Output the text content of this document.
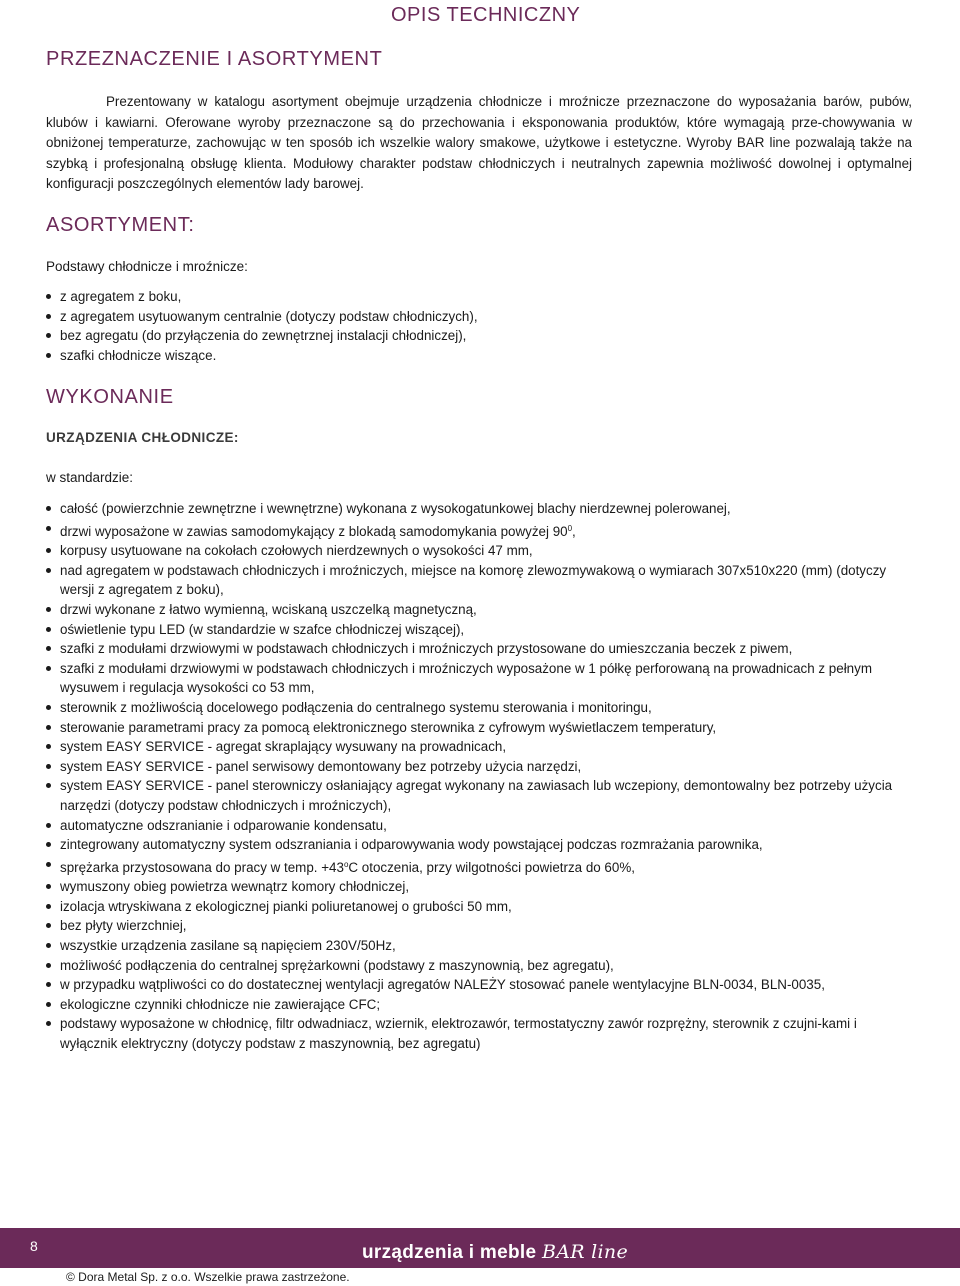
OPIS TECHNICZNY
PRZEZNACZENIE I ASORTYMENT

Prezentowany w katalogu asortyment obejmuje urządzenia chłodnicze i mroźnicze przeznaczone do wyposażania barów, pubów, klubów i kawiarni. Oferowane wyroby przeznaczone są do przechowania i eksponowania produktów, które wymagają prze-chowywania w obniżonej temperaturze, zachowując w ten sposób ich wszelkie walory smakowe, użytkowe i estetyczne. Wyroby BAR line pozwalają także na szybką i profesjonalną obsługę klienta. Modułowy charakter podstaw chłodniczych i neutralnych zapewnia możliwość dowolnej i optymalnej konfiguracji poszczególnych elementów lady barowej.

ASORTYMENT:

Podstawy chłodnicze i mroźnicze:

z agregatem z boku,
z agregatem usytuowanym centralnie (dotyczy podstaw chłodniczych),
bez agregatu (do przyłączenia do zewnętrznej instalacji chłodniczej),
szafki chłodnicze wiszące.
WYKONANIE

URZĄDZENIA CHŁODNICZE:

w standardzie:

całość (powierzchnie zewnętrzne i wewnętrzne) wykonana z wysokogatunkowej blachy nierdzewnej polerowanej,
drzwi wyposażone w zawias samodomykający z blokadą samodomykania powyżej $90^0$,
korpusy usytuowane na cokołach czołowych nierdzewnych o wysokości 47 mm,
nad agregatem w podstawach chłodniczych i mroźniczych, miejsce na komorę zlewozmywakową o wymiarach 307x510x220 (mm) (dotyczy wersji z agregatem z boku),
drzwi wykonane z łatwo wymienną, wciskaną uszczelką magnetyczną,
oświetlenie typu LED (w standardzie w szafce chłodniczej wiszącej),
szafki z modułami drzwiowymi w podstawach chłodniczych i mroźniczych przystosowane do umieszczania beczek z piwem,
szafki z modułami drzwiowymi w podstawach chłodniczych i mroźniczych wyposażone w 1 półkę perforowaną na prowadnicach z pełnym wysuwem i regulacja wysokości co 53 mm,
sterownik z możliwością docelowego podłączenia do centralnego systemu sterowania i monitoringu,
sterowanie parametrami pracy za pomocą elektronicznego sterownika z cyfrowym wyświetlaczem temperatury,
system EASY SERVICE - agregat skraplający wysuwany na prowadnicach,
system EASY SERVICE - panel serwisowy demontowany bez potrzeby użycia narzędzi,
system EASY SERVICE - panel sterowniczy osłaniający agregat wykonany na zawiasach lub wczepiony, demontowalny bez potrzeby użycia narzędzi (dotyczy podstaw chłodniczych i mroźniczych),
automatyczne odszranianie i odparowanie kondensatu,
zintegrowany automatyczny system odszraniania i odparowywania wody powstającej podczas rozmrażania parownika,
sprężarka przystosowana do pracy w temp. $+43^oC$ otoczenia, przy wilgotności powietrza do 60%,
wymuszony obieg powietrza wewnątrz komory chłodniczej,
izolacja wtryskiwana z ekologicznej pianki poliuretanowej o grubości 50 mm,
bez płyty wierzchniej,
wszystkie urządzenia zasilane są napięciem 230V/50Hz,
możliwość podłączenia do centralnej sprężarkowni (podstawy z maszynownią, bez agregatu),
w przypadku wątpliwości co do dostatecznej wentylacji agregatów NALEŻY stosować panele wentylacyjne BLN-0034, BLN-0035,
ekologiczne czynniki chłodnicze nie zawierające CFC;
podstawy wyposażone w chłodnicę, filtr odwadniacz, wziernik, elektrozawór, termostatyczny zawór rozprężny, sterownik z czujni-kami i wyłącznik elektryczny (dotyczy podstaw z maszynownią, bez agregatu)
8	urządzenia i meble BAR line
© Dora Metal Sp. z o.o. Wszelkie prawa zastrzeżone.
